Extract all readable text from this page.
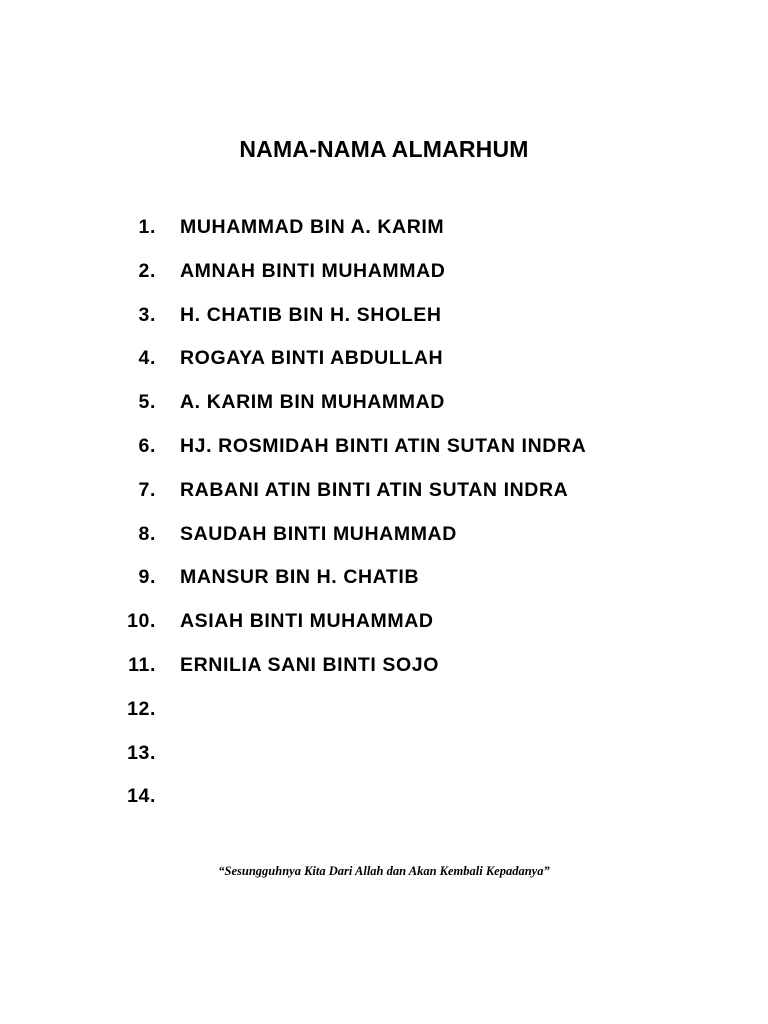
NAMA-NAMA ALMARHUM
1. MUHAMMAD BIN A. KARIM
2. AMNAH BINTI MUHAMMAD
3. H. CHATIB BIN H. SHOLEH
4. ROGAYA BINTI ABDULLAH
5. A. KARIM BIN MUHAMMAD
6. HJ. ROSMIDAH BINTI ATIN SUTAN INDRA
7. RABANI ATIN BINTI ATIN SUTAN INDRA
8. SAUDAH BINTI MUHAMMAD
9. MANSUR BIN H. CHATIB
10. ASIAH BINTI MUHAMMAD
11. ERNILIA SANI BINTI SOJO
12.
13.
14.
“Sesungguhnya Kita Dari Allah dan Akan Kembali Kepadanya”
